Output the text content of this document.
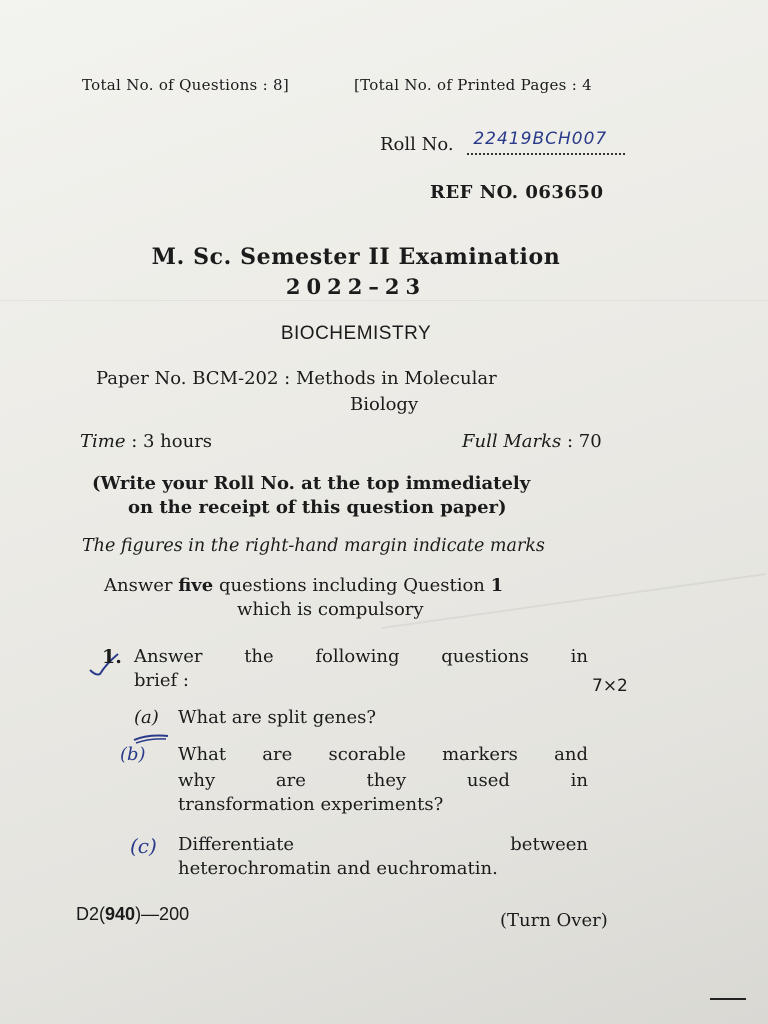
Total No. of Questions : 8]	[Total No. of Printed Pages : 4
Roll No. 22419BCH007
REF NO. 063650
M. Sc. Semester II Examination
2022–23
BIOCHEMISTRY
Paper No. BCM-202 : Methods in Molecular
Biology
Time : 3 hours	Full Marks : 70
(Write your Roll No. at the top immediately
on the receipt of this question paper)
The figures in the right-hand margin indicate marks
Answer five questions including Question 1
which is compulsory
1. Answer the following questions in
brief :	7×2
(a) What are split genes?
(b) What are scorable markers and
why	are	they	used	in
transformation experiments?
(c) Differentiate	between
heterochromatin and euchromatin.
D2(940)—200	(Turn Over)
